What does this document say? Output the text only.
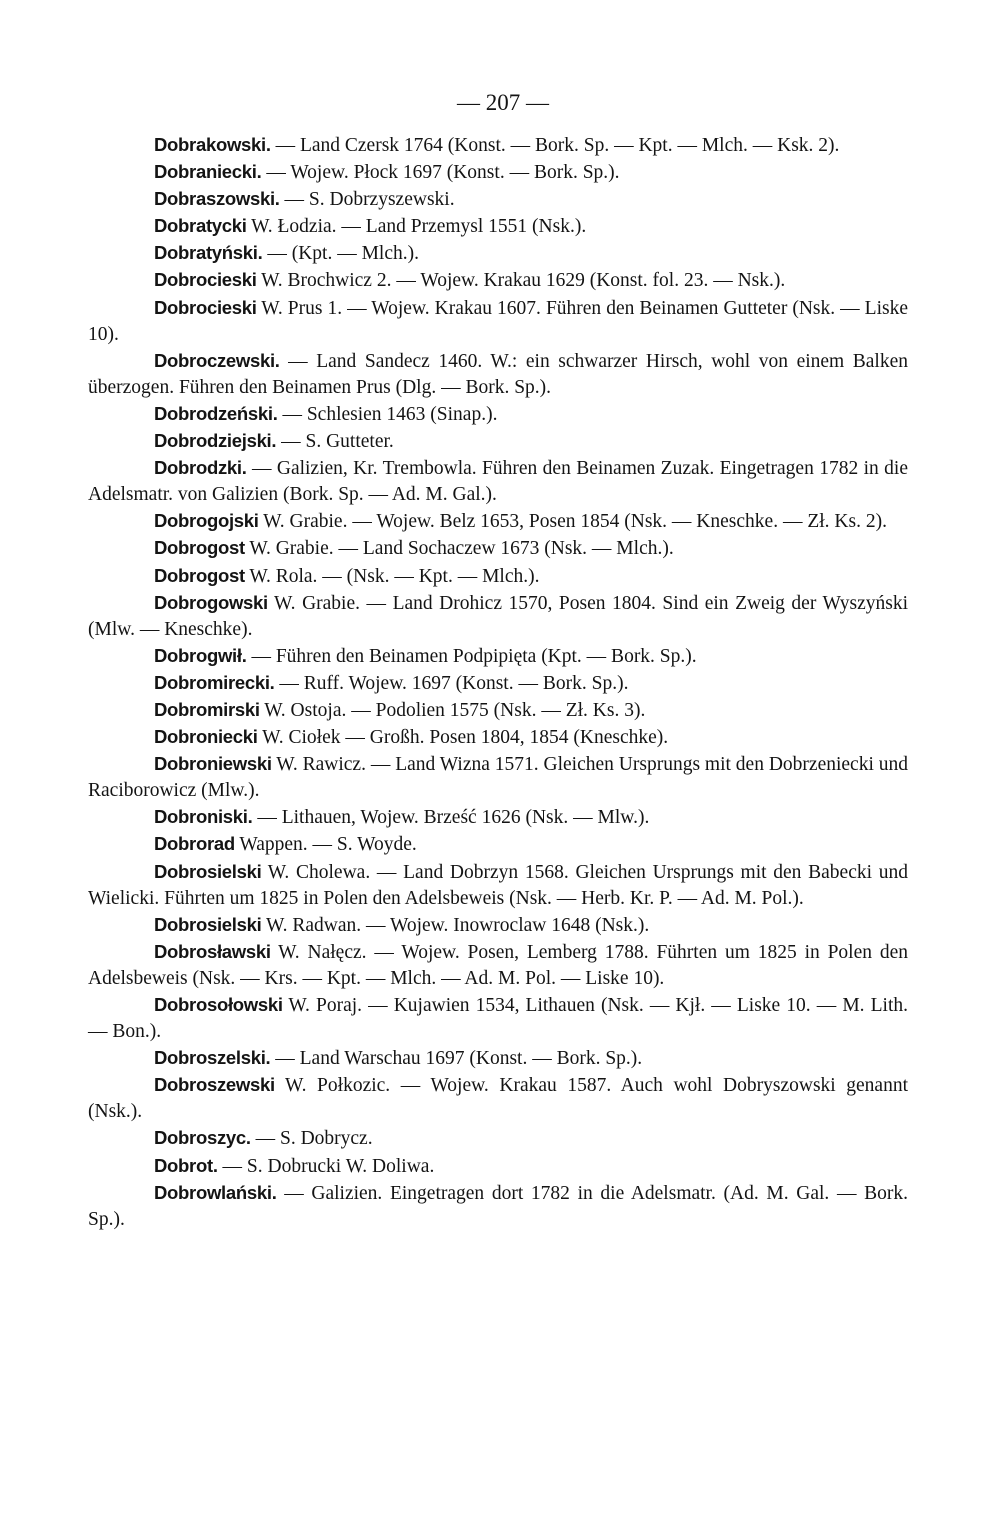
— 207 —

Dobrakowski. — Land Czersk 1764 (Konst. — Bork. Sp. — Kpt. — Mlch. — Ksk. 2).

Dobraniecki. — Wojew. Płock 1697 (Konst. — Bork. Sp.).

Dobraszowski. — S. Dobrzyszewski.

Dobratycki W. Łodzia. — Land Przemysl 1551 (Nsk.).

Dobratyński. — (Kpt. — Mlch.).

Dobrocieski W. Brochwicz 2. — Wojew. Krakau 1629 (Konst. fol. 23. — Nsk.).

Dobrocieski W. Prus 1. — Wojew. Krakau 1607. Führen den Beinamen Gutteter (Nsk. — Liske 10).

Dobroczewski. — Land Sandecz 1460. W.: ein schwarzer Hirsch, wohl von einem Balken überzogen. Führen den Beinamen Prus (Dlg. — Bork. Sp.).

Dobrodzeński. — Schlesien 1463 (Sinap.).

Dobrodziejski. — S. Gutteter.

Dobrodzki. — Galizien, Kr. Trembowla. Führen den Beinamen Zuzak. Eingetragen 1782 in die Adelsmatr. von Galizien (Bork. Sp. — Ad. M. Gal.).

Dobrogojski W. Grabie. — Wojew. Belz 1653, Posen 1854 (Nsk. — Kneschke. — Zł. Ks. 2).

Dobrogost W. Grabie. — Land Sochaczew 1673 (Nsk. — Mlch.).

Dobrogost W. Rola. — (Nsk. — Kpt. — Mlch.).

Dobrogowski W. Grabie. — Land Drohicz 1570, Posen 1804. Sind ein Zweig der Wyszyński (Mlw. — Kneschke).

Dobrogwił. — Führen den Beinamen Podpipięta (Kpt. — Bork. Sp.).

Dobromirecki. — Ruff. Wojew. 1697 (Konst. — Bork. Sp.).

Dobromirski W. Ostoja. — Podolien 1575 (Nsk. — Zł. Ks. 3).

Dobroniecki W. Ciołek — Großh. Posen 1804, 1854 (Kneschke).

Dobroniewski W. Rawicz. — Land Wizna 1571. Gleichen Ursprungs mit den Dobrzeniecki und Raciborowicz (Mlw.).

Dobroniski. — Lithauen, Wojew. Brześć 1626 (Nsk. — Mlw.).

Dobrorad Wappen. — S. Woyde.

Dobrosielski W. Cholewa. — Land Dobrzyn 1568. Gleichen Ursprungs mit den Babecki und Wielicki. Führten um 1825 in Polen den Adelsbeweis (Nsk. — Herb. Kr. P. — Ad. M. Pol.).

Dobrosielski W. Radwan. — Wojew. Inowroclaw 1648 (Nsk.).

Dobrosławski W. Nałęcz. — Wojew. Posen, Lemberg 1788. Führten um 1825 in Polen den Adelsbeweis (Nsk. — Krs. — Kpt. — Mlch. — Ad. M. Pol. — Liske 10).

Dobrosołowski W. Poraj. — Kujawien 1534, Lithauen (Nsk. — Kjł. — Liske 10. — M. Lith. — Bon.).

Dobroszelski. — Land Warschau 1697 (Konst. — Bork. Sp.).

Dobroszewski W. Połkozic. — Wojew. Krakau 1587. Auch wohl Dobryszowski genannt (Nsk.).

Dobroszyc. — S. Dobrycz.

Dobrot. — S. Dobrucki W. Doliwa.

Dobrowlański. — Galizien. Eingetragen dort 1782 in die Adelsmatr. (Ad. M. Gal. — Bork. Sp.).
